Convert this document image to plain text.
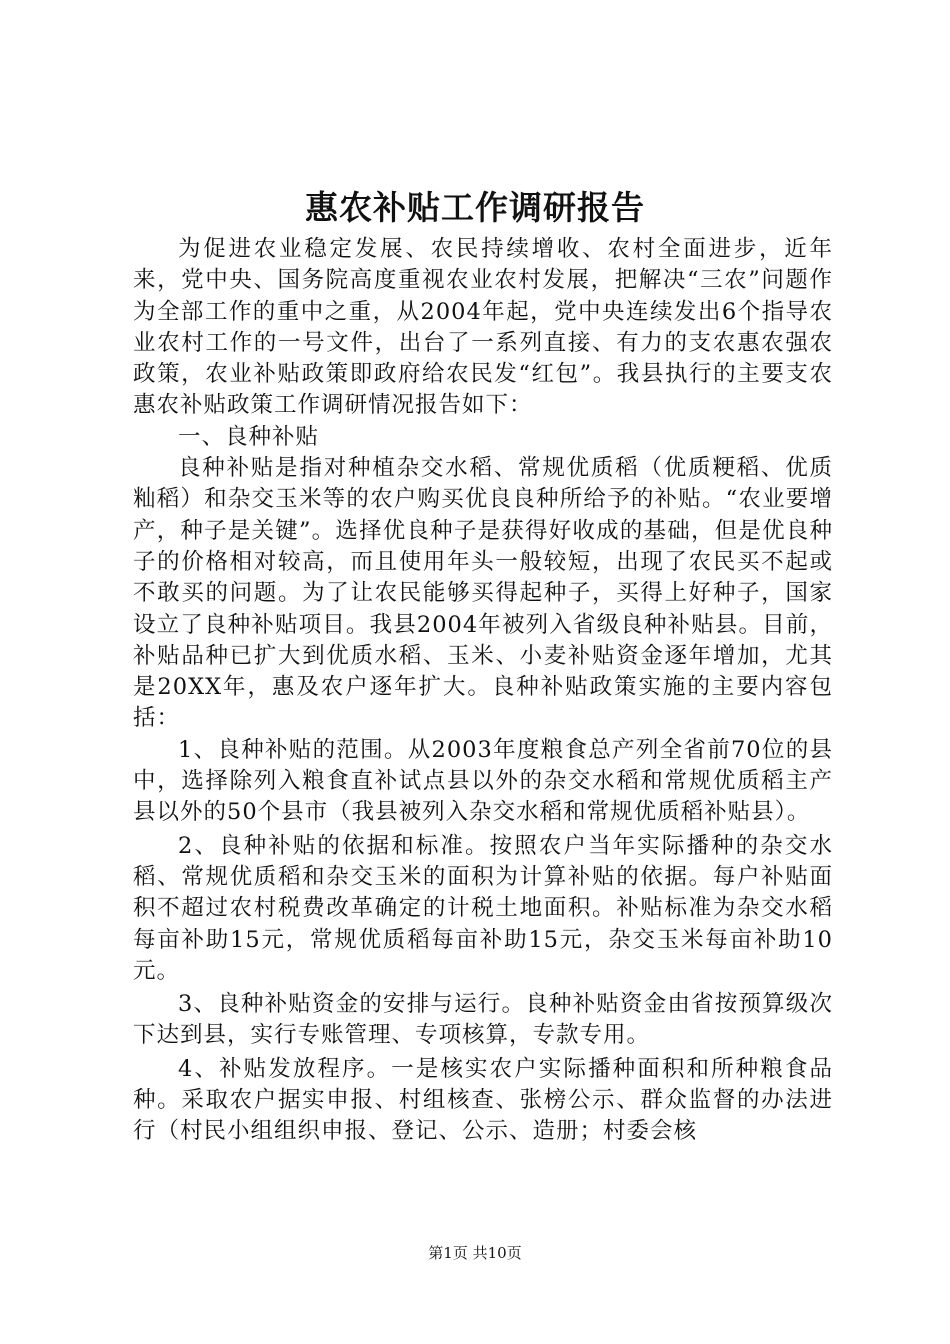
惠农补贴工作调研报告

为促进农业稳定发展、农民持续增收、农村全面进步，近年来，党中央、国务院高度重视农业农村发展，把解决“三农”问题作为全部工作的重中之重，从2004年起，党中央连续发出6个指导农业农村工作的一号文件，出台了一系列直接、有力的支农惠农强农政策，农业补贴政策即政府给农民发“红包”。我县执行的主要支农惠农补贴政策工作调研情况报告如下：

一、良种补贴

良种补贴是指对种植杂交水稻、常规优质稻（优质粳稻、优质籼稻）和杂交玉米等的农户购买优良良种所给予的补贴。“农业要增产，种子是关键”。选择优良种子是获得好收成的基础，但是优良种子的价格相对较高，而且使用年头一般较短，出现了农民买不起或不敢买的问题。为了让农民能够买得起种子，买得上好种子，国家设立了良种补贴项目。我县2004年被列入省级良种补贴县。目前，补贴品种已扩大到优质水稻、玉米、小麦补贴资金逐年增加，尤其是20XX年，惠及农户逐年扩大。良种补贴政策实施的主要内容包括：

1、良种补贴的范围。从2003年度粮食总产列全省前70位的县中，选择除列入粮食直补试点县以外的杂交水稻和常规优质稻主产县以外的50个县市（我县被列入杂交水稻和常规优质稻补贴县）。

2、良种补贴的依据和标准。按照农户当年实际播种的杂交水稻、常规优质稻和杂交玉米的面积为计算补贴的依据。每户补贴面积不超过农村税费改革确定的计税土地面积。补贴标准为杂交水稻每亩补助15元，常规优质稻每亩补助15元，杂交玉米每亩补助10元。

3、良种补贴资金的安排与运行。良种补贴资金由省按预算级次下达到县，实行专账管理、专项核算，专款专用。

4、补贴发放程序。一是核实农户实际播种面积和所种粮食品种。采取农户据实申报、村组核查、张榜公示、群众监督的办法进行（村民小组组织申报、登记、公示、造册；村委会核

第1页 共10页
